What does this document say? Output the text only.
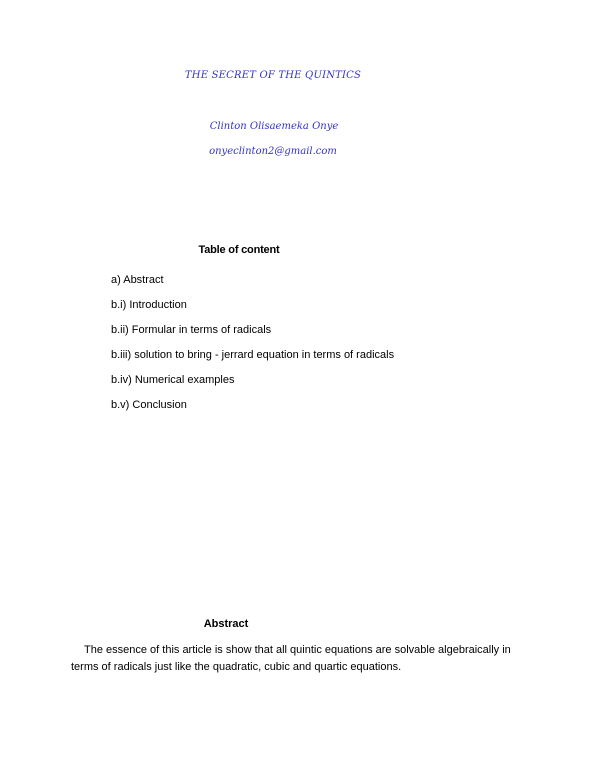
THE SECRET OF THE QUINTICS
Clinton Olisaemeka Onye
onyeclinton2@gmail.com
Table of content
a) Abstract
b.i) Introduction
b.ii) Formular in terms of radicals
b.iii) solution to bring - jerrard equation in terms of radicals
b.iv) Numerical examples
b.v) Conclusion
Abstract

The essence of this article is show that all quintic equations are solvable algebraically in terms of radicals just like the quadratic, cubic and quartic equations.
